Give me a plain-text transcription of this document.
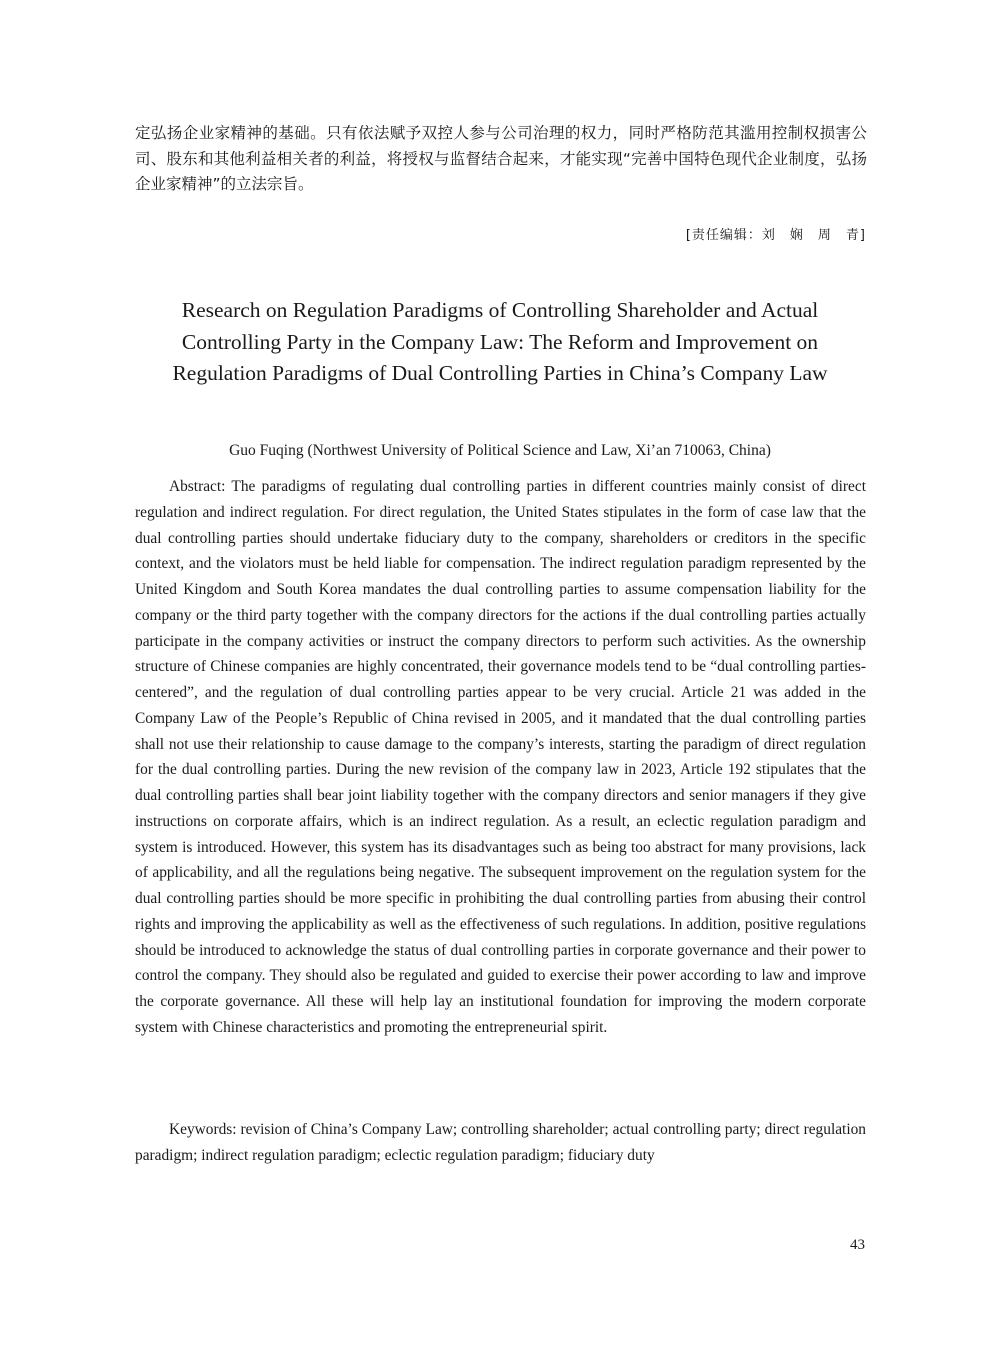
定弘扬企业家精神的基础。只有依法赋予双控人参与公司治理的权力，同时严格防范其滥用控制权损害公司、股东和其他利益相关者的利益，将授权与监督结合起来，才能实现“完善中国特色现代企业制度，弘扬企业家精神”的立法宗旨。

[责任编辑：刘　娴　周　青]

Research on Regulation Paradigms of Controlling Shareholder and Actual Controlling Party in the Company Law: The Reform and Improvement on Regulation Paradigms of Dual Controlling Parties in China’s Company Law

Guo Fuqing (Northwest University of Political Science and Law, Xi’an 710063, China)

Abstract: The paradigms of regulating dual controlling parties in different countries mainly consist of direct regulation and indirect regulation. For direct regulation, the United States stipulates in the form of case law that the dual controlling parties should undertake fiduciary duty to the company, shareholders or creditors in the specific context, and the violators must be held liable for compensation. The indirect regulation paradigm represented by the United Kingdom and South Korea mandates the dual controlling parties to assume compensation liability for the company or the third party together with the company directors for the actions if the dual controlling parties actually participate in the company activities or instruct the company directors to perform such activities. As the ownership structure of Chinese companies are highly concentrated, their governance models tend to be “dual controlling parties-centered”, and the regulation of dual controlling parties appear to be very crucial. Article 21 was added in the Company Law of the People’s Republic of China revised in 2005, and it mandated that the dual controlling parties shall not use their relationship to cause damage to the company’s interests, starting the paradigm of direct regulation for the dual controlling parties. During the new revision of the company law in 2023, Article 192 stipulates that the dual controlling parties shall bear joint liability together with the company directors and senior managers if they give instructions on corporate affairs, which is an indirect regulation. As a result, an eclectic regulation paradigm and system is introduced. However, this system has its disadvantages such as being too abstract for many provisions, lack of applicability, and all the regulations being negative. The subsequent improvement on the regulation system for the dual controlling parties should be more specific in prohibiting the dual controlling parties from abusing their control rights and improving the applicability as well as the effectiveness of such regulations. In addition, positive regulations should be introduced to acknowledge the status of dual controlling parties in corporate governance and their power to control the company. They should also be regulated and guided to exercise their power according to law and improve the corporate governance. All these will help lay an institutional foundation for improving the modern corporate system with Chinese characteristics and promoting the entrepreneurial spirit.

Keywords: revision of China’s Company Law; controlling shareholder; actual controlling party; direct regulation paradigm; indirect regulation paradigm; eclectic regulation paradigm; fiduciary duty

43
